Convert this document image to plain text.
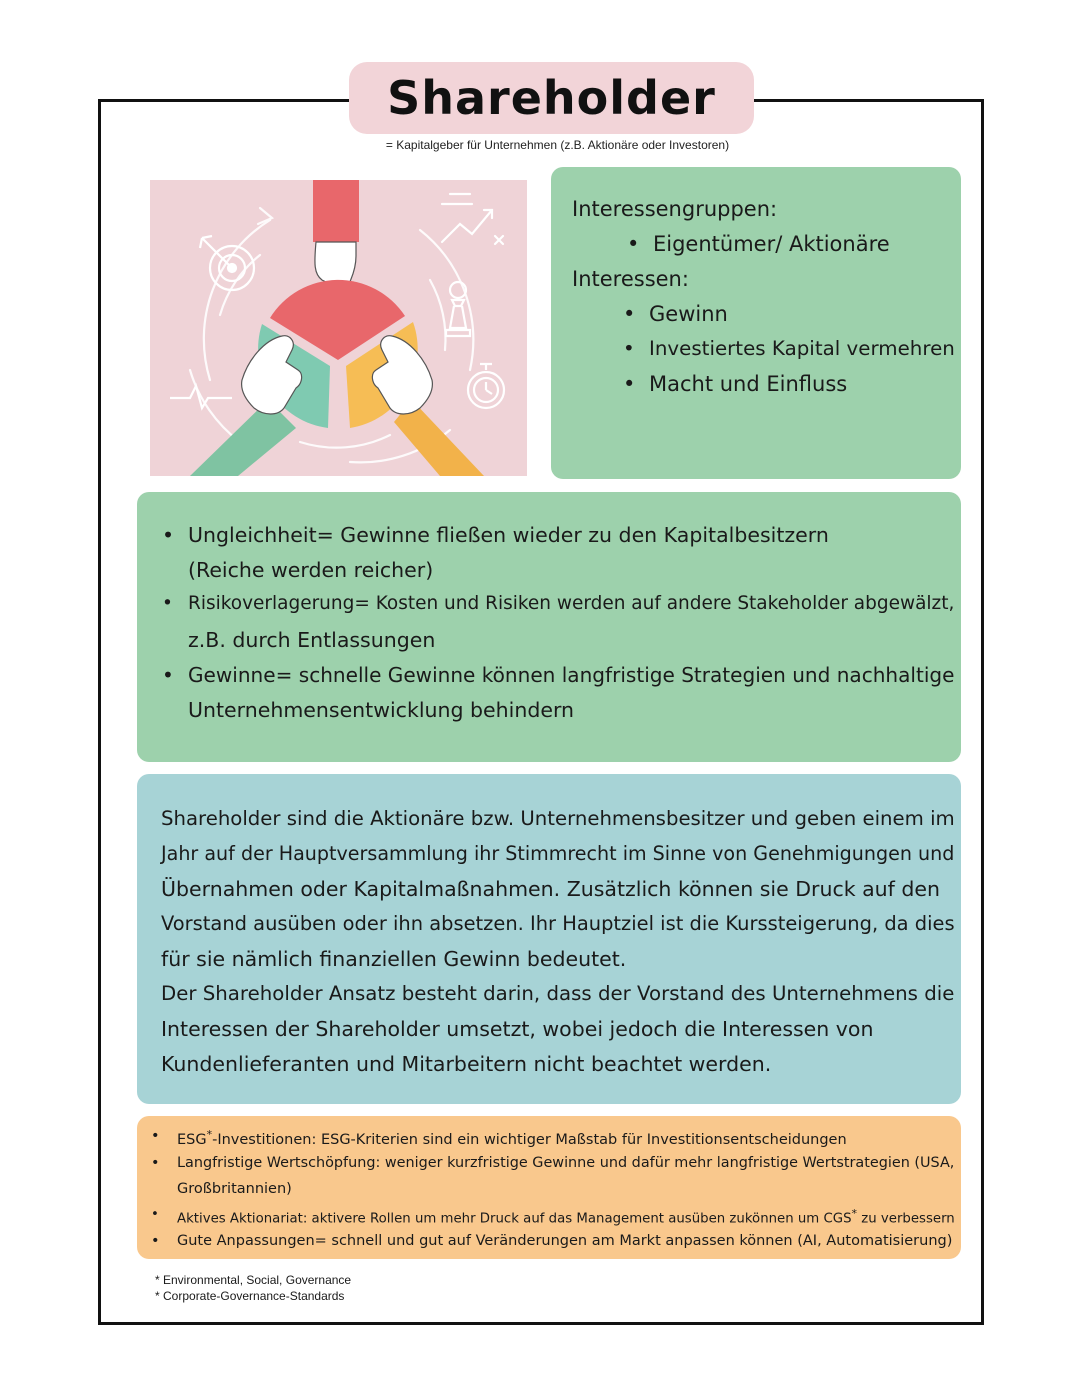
Shareholder
= Kapitalgeber für Unternehmen (z.B. Aktionäre oder Investoren)
Interessengruppen:
• Eigentümer/ Aktionäre
Interessen:
• Gewinn
• Investiertes Kapital vermehren
• Macht und Einfluss
• Ungleichheit= Gewinne fließen wieder zu den Kapitalbesitzern
(Reiche werden reicher)
• Risikoverlagerung= Kosten und Risiken werden auf andere Stakeholder abgewälzt,
z.B. durch Entlassungen
• Gewinne= schnelle Gewinne können langfristige Strategien und nachhaltige
Unternehmensentwicklung behindern
Shareholder sind die Aktionäre bzw. Unternehmensbesitzer und geben einem im
Jahr auf der Hauptversammlung ihr Stimmrecht im Sinne von Genehmigungen und
Übernahmen oder Kapitalmaßnahmen. Zusätzlich können sie Druck auf den
Vorstand ausüben oder ihn absetzen. Ihr Hauptziel ist die Kurssteigerung, da dies
für sie nämlich finanziellen Gewinn bedeutet.
Der Shareholder Ansatz besteht darin, dass der Vorstand des Unternehmens die
Interessen der Shareholder umsetzt, wobei jedoch die Interessen von
Kundenlieferanten und Mitarbeitern nicht beachtet werden.
• ESG*-Investitionen: ESG-Kriterien sind ein wichtiger Maßstab für Investitionsentscheidungen
• Langfristige Wertschöpfung: weniger kurzfristige Gewinne und dafür mehr langfristige Wertstrategien (USA,
Großbritannien)
• Aktives Aktionariat: aktivere Rollen um mehr Druck auf das Management ausüben zukönnen um CGS* zu verbessern
• Gute Anpassungen= schnell und gut auf Veränderungen am Markt anpassen können (AI, Automatisierung)
* Environmental, Social, Governance
* Corporate-Governance-Standards
